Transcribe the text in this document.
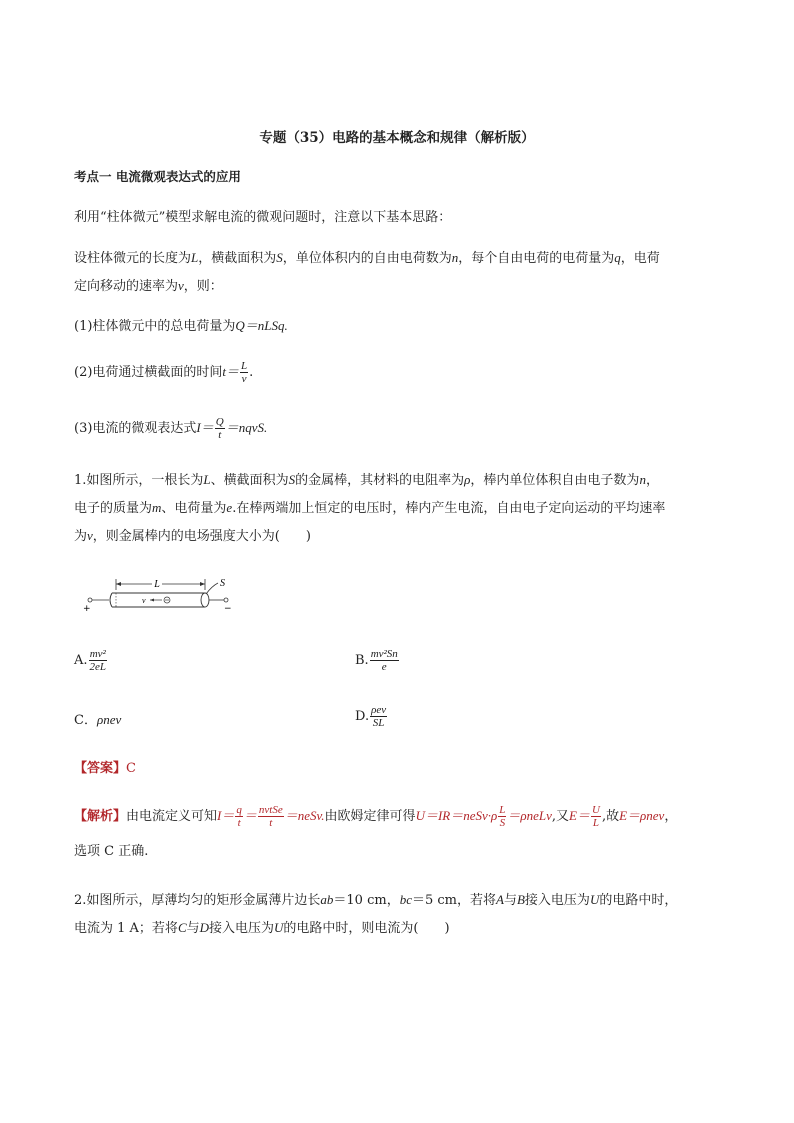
专题（35）电路的基本概念和规律（解析版）
考点一 电流微观表达式的应用
利用“柱体微元”模型求解电流的微观问题时，注意以下基本思路：
设柱体微元的长度为L，横截面积为S，单位体积内的自由电荷数为n，每个自由电荷的电荷量为q，电荷
定向移动的速率为v，则：
(1)柱体微元中的总电荷量为Q＝nLSq.
(2)电荷通过横截面的时间$t= \frac{L}{v}$ .
(3)电流的微观表达式$I= \frac{Q}{t}$ ＝nqvS.
1.如图所示，一根长为L、横截面积为S的金属棒，其材料的电阻率为ρ，棒内单位体积自由电子数为n，
电子的质量为m、电荷量为e.在棒两端加上恒定的电压时，棒内产生电流，自由电子定向运动的平均速率
为v，则金属棒内的电场强度大小为(　　)
L	S
+	−
v
A. $\frac{\text{mv²}}{2eL}$	B. $\frac{\text{mv²Sn}}{e}$
C．ρnev	D. $\frac{\text{ρev}}{SL}$
【答案】C
【解析】由电流定义可知$I= \frac{q}{t} = \frac{\text{nvtSe}}{t}$ ＝neSv.由欧姆定律可得U＝IR＝neSv·ρ $\frac{L}{S}$ ＝ρneLv,又$E= \frac{U}{L}$ ,故E＝ρnev，
选项 C 正确.
2.如图所示，厚薄均匀的矩形金属薄片边长ab＝10 cm，bc＝5 cm，若将A与B接入电压为U的电路中时，
电流为 1 A；若将C与D接入电压为U的电路中时，则电流为(　　)
